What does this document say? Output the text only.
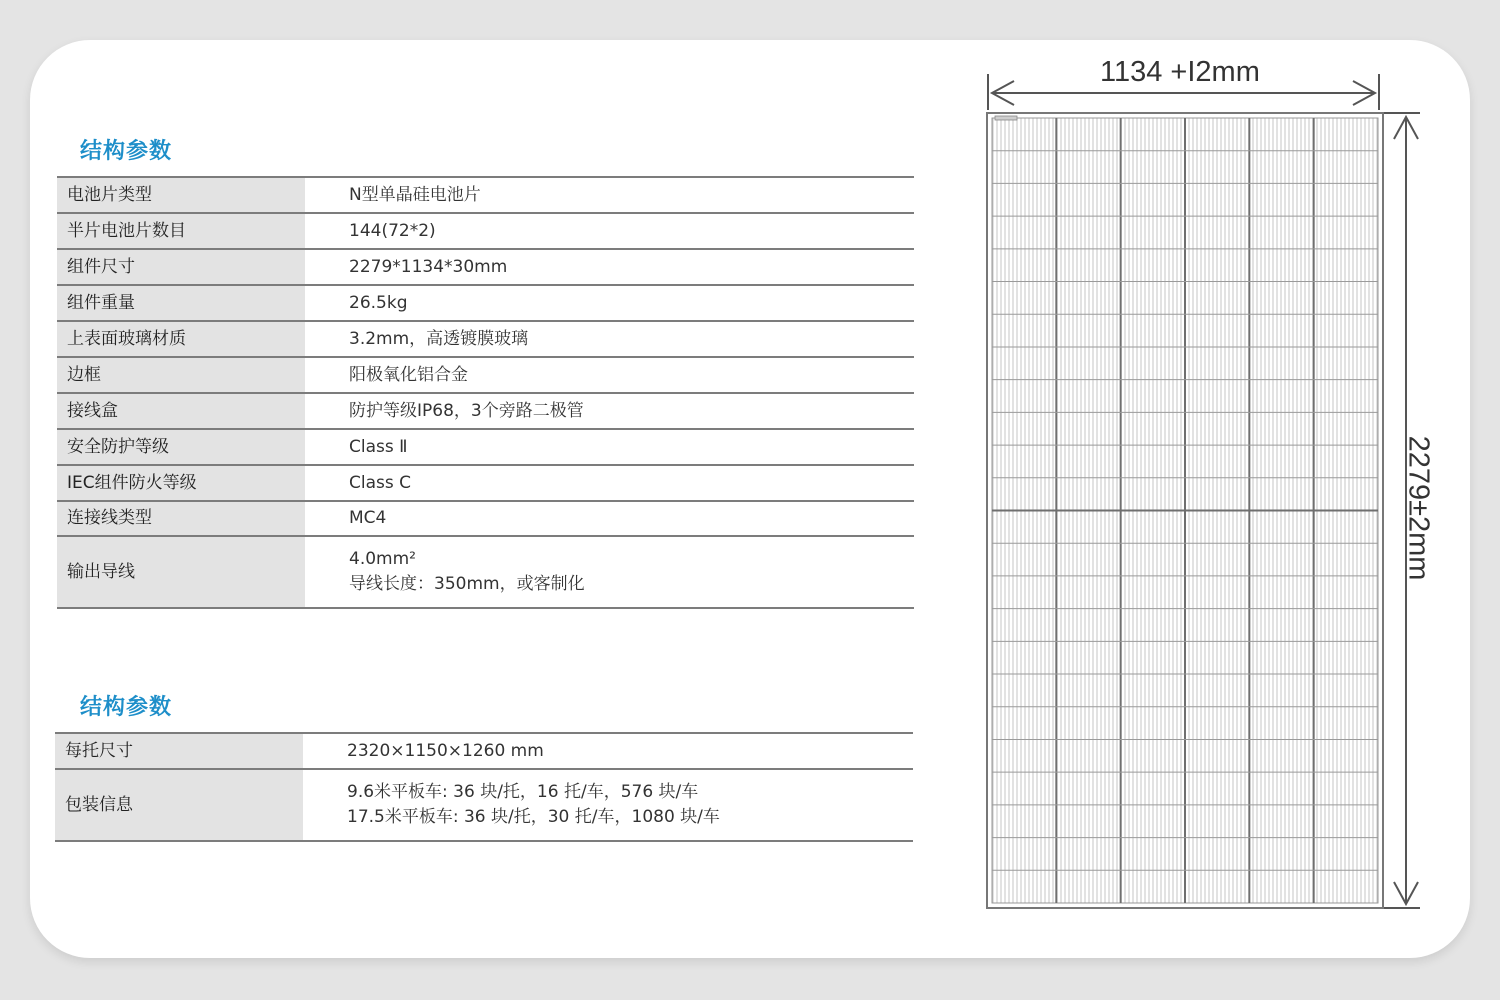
结构参数
电池片类型	N型单晶硅电池片

半片电池片数目	144(72*2)

组件尺寸	2279*1134*30mm

组件重量	26.5kg

上表面玻璃材质	3.2mm，高透镀膜玻璃

边框	阳极氧化铝合金

接线盒	防护等级IP68，3个旁路二极管

安全防护等级	Class Ⅱ

IEC组件防火等级	Class C

连接线类型	MC4

输出导线	4.0mm²
导线长度：350mm，或客制化
结构参数
每托尺寸	2320×1150×1260 mm

包装信息	9.6米平板车: 36 块/托，16 托/车，576 块/车
17.5米平板车: 36 块/托，30 托/车，1080 块/车
1134 +I2mm
2279±2mm
